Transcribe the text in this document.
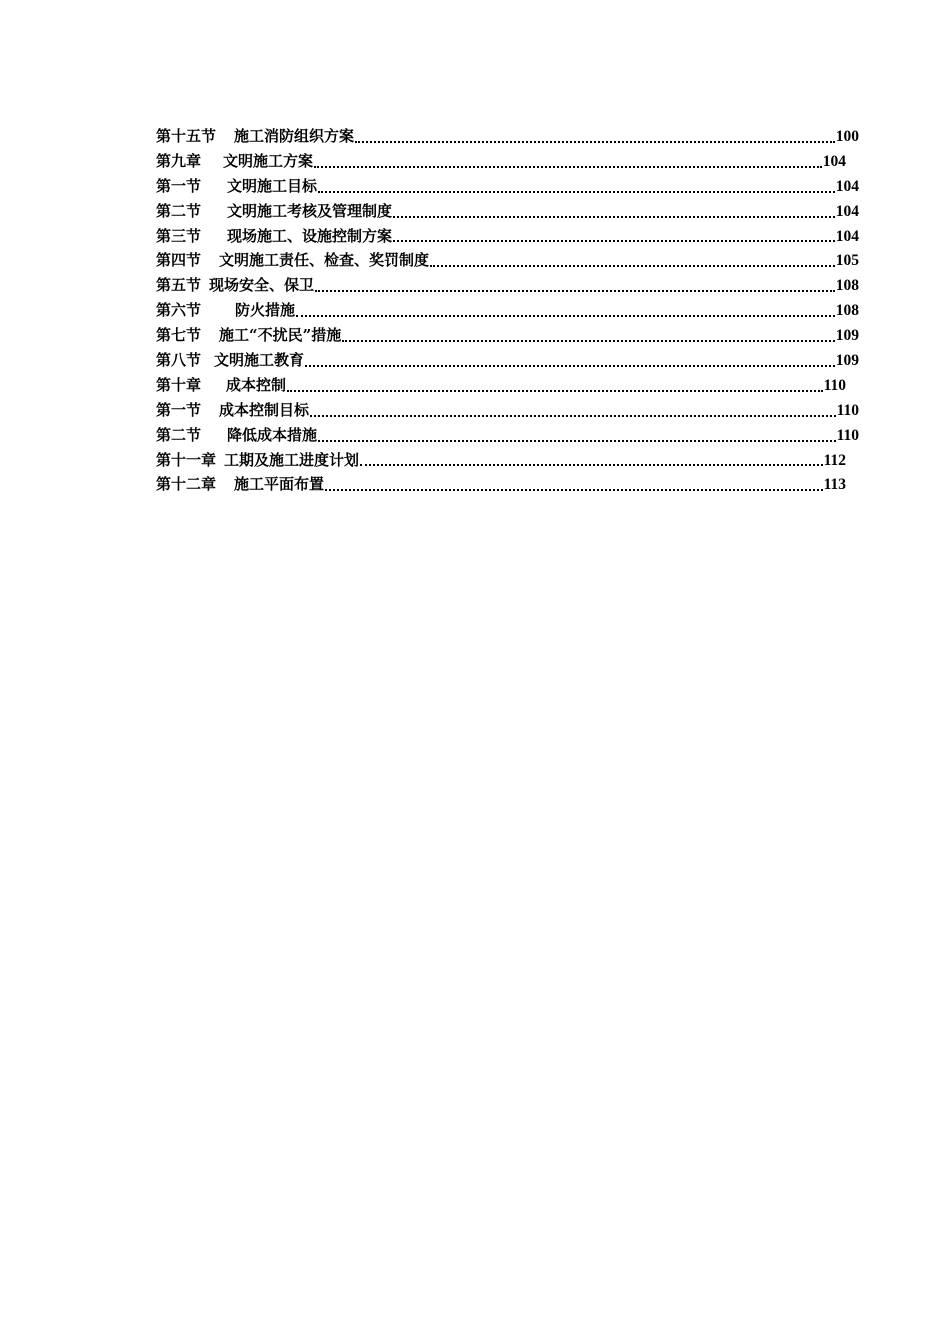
第十五节 施工消防组织方案	100
第九章 文明施工方案	104
第一节 文明施工目标	104
第二节 文明施工考核及管理制度	104
第三节 现场施工、设施控制方案	104
第四节 文明施工责任、检查、奖罚制度	105
第五节 现场安全、保卫	108
第六节 防火措施	108
第七节 施工“不扰民”措施	109
第八节 文明施工教育	109
第十章 成本控制	110
第一节 成本控制目标	110
第二节 降低成本措施	110
第十一章 工期及施工进度计划	112
第十二章 施工平面布置	113
